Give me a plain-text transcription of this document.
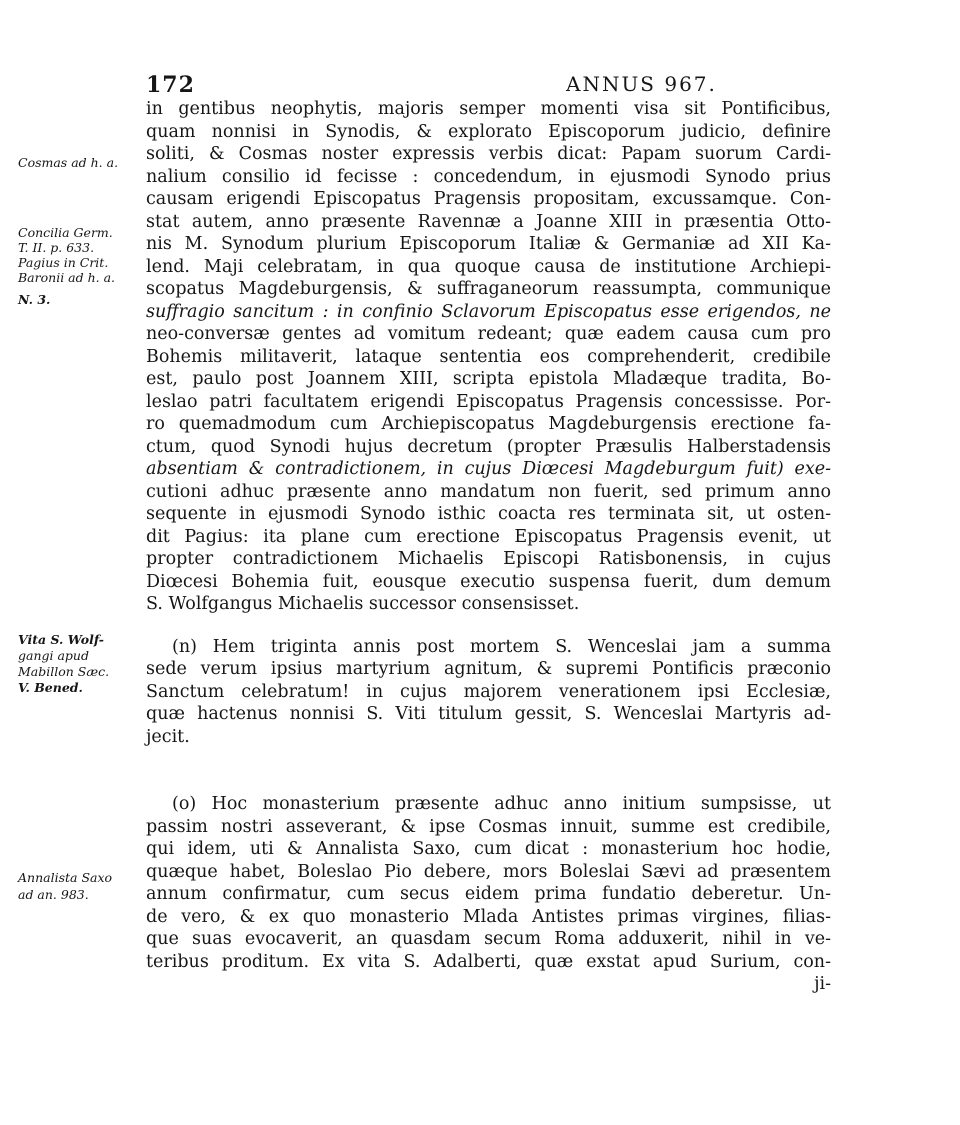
172	ANNUS 967.
Cosmas ad h. a.
Concilia Germ.
T. II. p. 633.
Pagius in Crit.
Baronii ad h. a.
N. 3.
Vita S. Wolf-
gangi apud
Mabillon Sæc.
V. Bened.
Annalista Saxo
ad an. 983.
in gentibus neophytis, majoris semper momenti visa sit Pontificibus,
quam nonnisi in Synodis, & explorato Episcoporum judicio, definire
soliti, & Cosmas noster expressis verbis dicat: Papam suorum Cardi-
nalium consilio id fecisse : concedendum, in ejusmodi Synodo prius
causam erigendi Episcopatus Pragensis propositam, excussamque. Con-
stat autem, anno præsente Ravennæ a Joanne XIII in præsentia Otto-
nis M. Synodum plurium Episcoporum Italiæ & Germaniæ ad XII Ka-
lend. Maji celebratam, in qua quoque causa de institutione Archiepi-
scopatus Magdeburgensis, & suffraganeorum reassumpta, communique
suffragio sancitum : in confinio Sclavorum Episcopatus esse erigendos, ne
neo-conversæ gentes ad vomitum redeant; quæ eadem causa cum pro
Bohemis militaverit, lataque sententia eos comprehenderit, credibile
est, paulo post Joannem XIII, scripta epistola Mladæque tradita, Bo-
leslao patri facultatem erigendi Episcopatus Pragensis concessisse. Por-
ro quemadmodum cum Archiepiscopatus Magdeburgensis erectione fa-
ctum, quod Synodi hujus decretum (propter Præsulis Halberstadensis
absentiam & contradictionem, in cujus Diœcesi Magdeburgum fuit) exe-
cutioni adhuc præsente anno mandatum non fuerit, sed primum anno
sequente in ejusmodi Synodo isthic coacta res terminata sit, ut osten-
dit Pagius: ita plane cum erectione Episcopatus Pragensis evenit, ut
propter contradictionem Michaelis Episcopi Ratisbonensis, in cujus
Diœcesi Bohemia fuit, eousque executio suspensa fuerit, dum demum
S. Wolfgangus Michaelis successor consensisset.
(n) Hem triginta annis post mortem S. Wenceslai jam a summa
sede verum ipsius martyrium agnitum, & supremi Pontificis præconio
Sanctum celebratum! in cujus majorem venerationem ipsi Ecclesiæ,
quæ hactenus nonnisi S. Viti titulum gessit, S. Wenceslai Martyris ad-
jecit.
(o) Hoc monasterium præsente adhuc anno initium sumpsisse, ut
passim nostri asseverant, & ipse Cosmas innuit, summe est credibile,
qui idem, uti & Annalista Saxo, cum dicat : monasterium hoc hodie,
quæque habet, Boleslao Pio debere, mors Boleslai Sævi ad præsentem
annum confirmatur, cum secus eidem prima fundatio deberetur. Un-
de vero, & ex quo monasterio Mlada Antistes primas virgines, filias-
que suas evocaverit, an quasdam secum Roma adduxerit, nihil in ve-
teribus proditum. Ex vita S. Adalberti, quæ exstat apud Surium, con-
ji-
